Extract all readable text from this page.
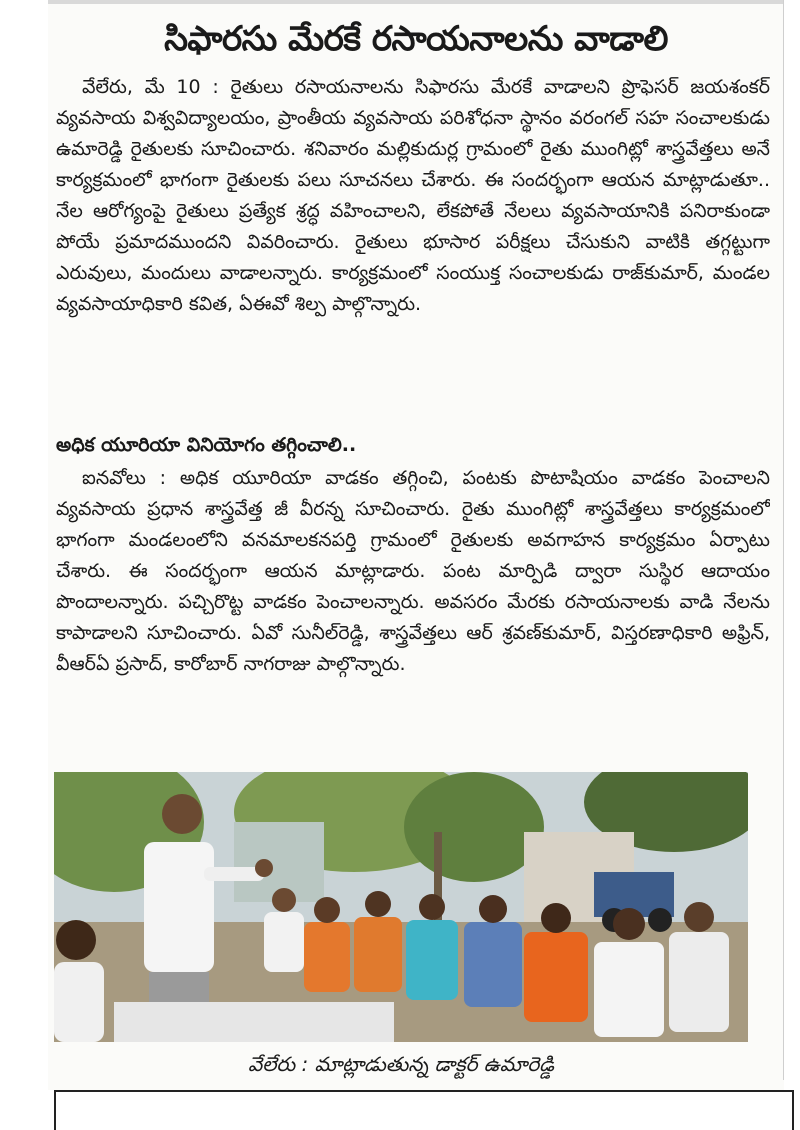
సిఫారసు మేరకే రసాయనాలను వాడాలి

వేలేరు, మే 10 : రైతులు రసాయనాలను సిఫారసు మేరకే వాడాలని ప్రొఫెసర్ జయశంకర్ వ్యవసాయ విశ్వవిద్యాలయం, ప్రాంతీయ వ్యవసాయ పరిశోధనా స్థానం వరంగల్ సహ సంచాలకుడు ఉమారెడ్డి రైతులకు సూచించారు. శనివారం మల్లికుదుర్ల గ్రామంలో రైతు ముంగిట్లో శాస్త్రవేత్తలు అనే కార్యక్రమంలో భాగంగా రైతులకు పలు సూచనలు చేశారు. ఈ సందర్భంగా ఆయన మాట్లాడుతూ.. నేల ఆరోగ్యంపై రైతులు ప్రత్యేక శ్రద్ధ వహించాలని, లేకపోతే నేలలు వ్యవసాయానికి పనిరాకుండా పోయే ప్రమాదముందని వివరించారు. రైతులు భూసార పరీక్షలు చేసుకుని వాటికి తగ్గట్టుగా ఎరువులు, మందులు వాడాలన్నారు. కార్యక్రమంలో సంయుక్త సంచాలకుడు రాజ్‌కుమార్, మండల వ్యవసాయాధికారి కవిత, ఏఈవో శిల్ప పాల్గొన్నారు.

అధిక యూరియా వినియోగం తగ్గించాలి..

ఐనవోలు : అధిక యూరియా వాడకం తగ్గించి, పంటకు పొటాషియం వాడకం పెంచాలని వ్యవసాయ ప్రధాన శాస్త్రవేత్త జీ వీరన్న సూచించారు. రైతు ముంగిట్లో శాస్త్రవేత్తలు కార్యక్రమంలో భాగంగా మండలంలోని వనమాలకనపర్తి గ్రామంలో రైతులకు అవగాహన కార్యక్రమం ఏర్పాటు చేశారు. ఈ సందర్భంగా ఆయన మాట్లాడారు. పంట మార్పిడి ద్వారా సుస్థిర ఆదాయం పొందాలన్నారు. పచ్చిరొట్ట వాడకం పెంచాలన్నారు. అవసరం మేరకు రసాయనాలకు వాడి నేలను కాపాడాలని సూచించారు. ఏవో సునీల్‌రెడ్డి, శాస్త్రవేత్తలు ఆర్ శ్రవణ్‌కుమార్, విస్తరణాధికారి అఫ్రిన్, వీఆర్‌ఏ ప్రసాద్, కారోబార్ నాగరాజు పాల్గొన్నారు.

వేలేరు : మాట్లాడుతున్న డాక్టర్ ఉమారెడ్డి
